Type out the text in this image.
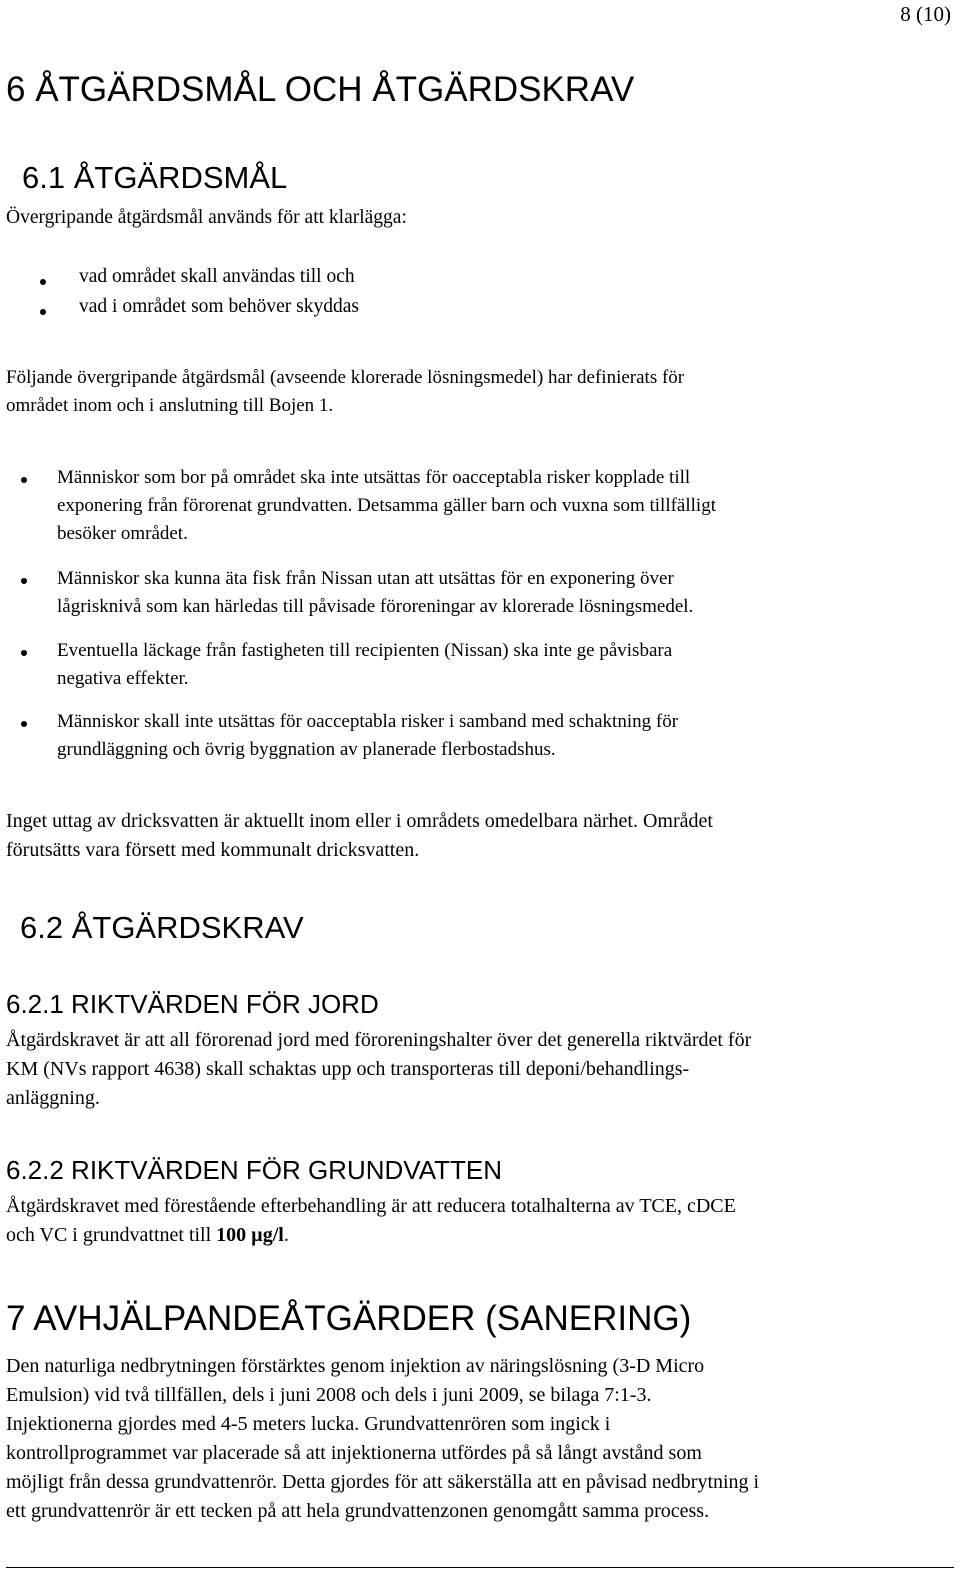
8 (10)
6 ÅTGÄRDSMÅL OCH ÅTGÄRDSKRAV
6.1 ÅTGÄRDSMÅL
Övergripande åtgärdsmål används för att klarlägga:
vad området skall användas till och
vad i området som behöver skyddas
Följande övergripande åtgärdsmål (avseende klorerade lösningsmedel) har definierats för
området inom och i anslutning till Bojen 1.
Människor som bor på området ska inte utsättas för oacceptabla risker kopplade till
exponering från förorenat grundvatten. Detsamma gäller barn och vuxna som tillfälligt
besöker området.
Människor ska kunna äta fisk från Nissan utan att utsättas för en exponering över
lågrisknivå som kan härledas till påvisade föroreningar av klorerade lösningsmedel.
Eventuella läckage från fastigheten till recipienten (Nissan) ska inte ge påvisbara
negativa effekter.
Människor skall inte utsättas för oacceptabla risker i samband med schaktning för
grundläggning och övrig byggnation av planerade flerbostadshus.
Inget uttag av dricksvatten är aktuellt inom eller i områdets omedelbara närhet. Området
förutsätts vara försett med kommunalt dricksvatten.
6.2 ÅTGÄRDSKRAV
6.2.1 RIKTVÄRDEN FÖR JORD
Åtgärdskravet är att all förorenad jord med föroreningshalter över det generella riktvärdet för
KM (NVs rapport 4638) skall schaktas upp och transporteras till deponi/behandlings-
anläggning.
6.2.2 RIKTVÄRDEN FÖR GRUNDVATTEN
Åtgärdskravet med förestående efterbehandling är att reducera totalhalterna av TCE, cDCE
och VC i grundvattnet till 100 µg/l.
7 AVHJÄLPANDEÅTGÄRDER (SANERING)
Den naturliga nedbrytningen förstärktes genom injektion av näringslösning (3-D Micro
Emulsion) vid två tillfällen, dels i juni 2008 och dels i juni 2009, se bilaga 7:1-3.
Injektionerna gjordes med 4-5 meters lucka. Grundvattenrören som ingick i
kontrollprogrammet var placerade så att injektionerna utfördes på så långt avstånd som
möjligt från dessa grundvattenrör. Detta gjordes för att säkerställa att en påvisad nedbrytning i
ett grundvattenrör är ett tecken på att hela grundvattenzonen genomgått samma process.
